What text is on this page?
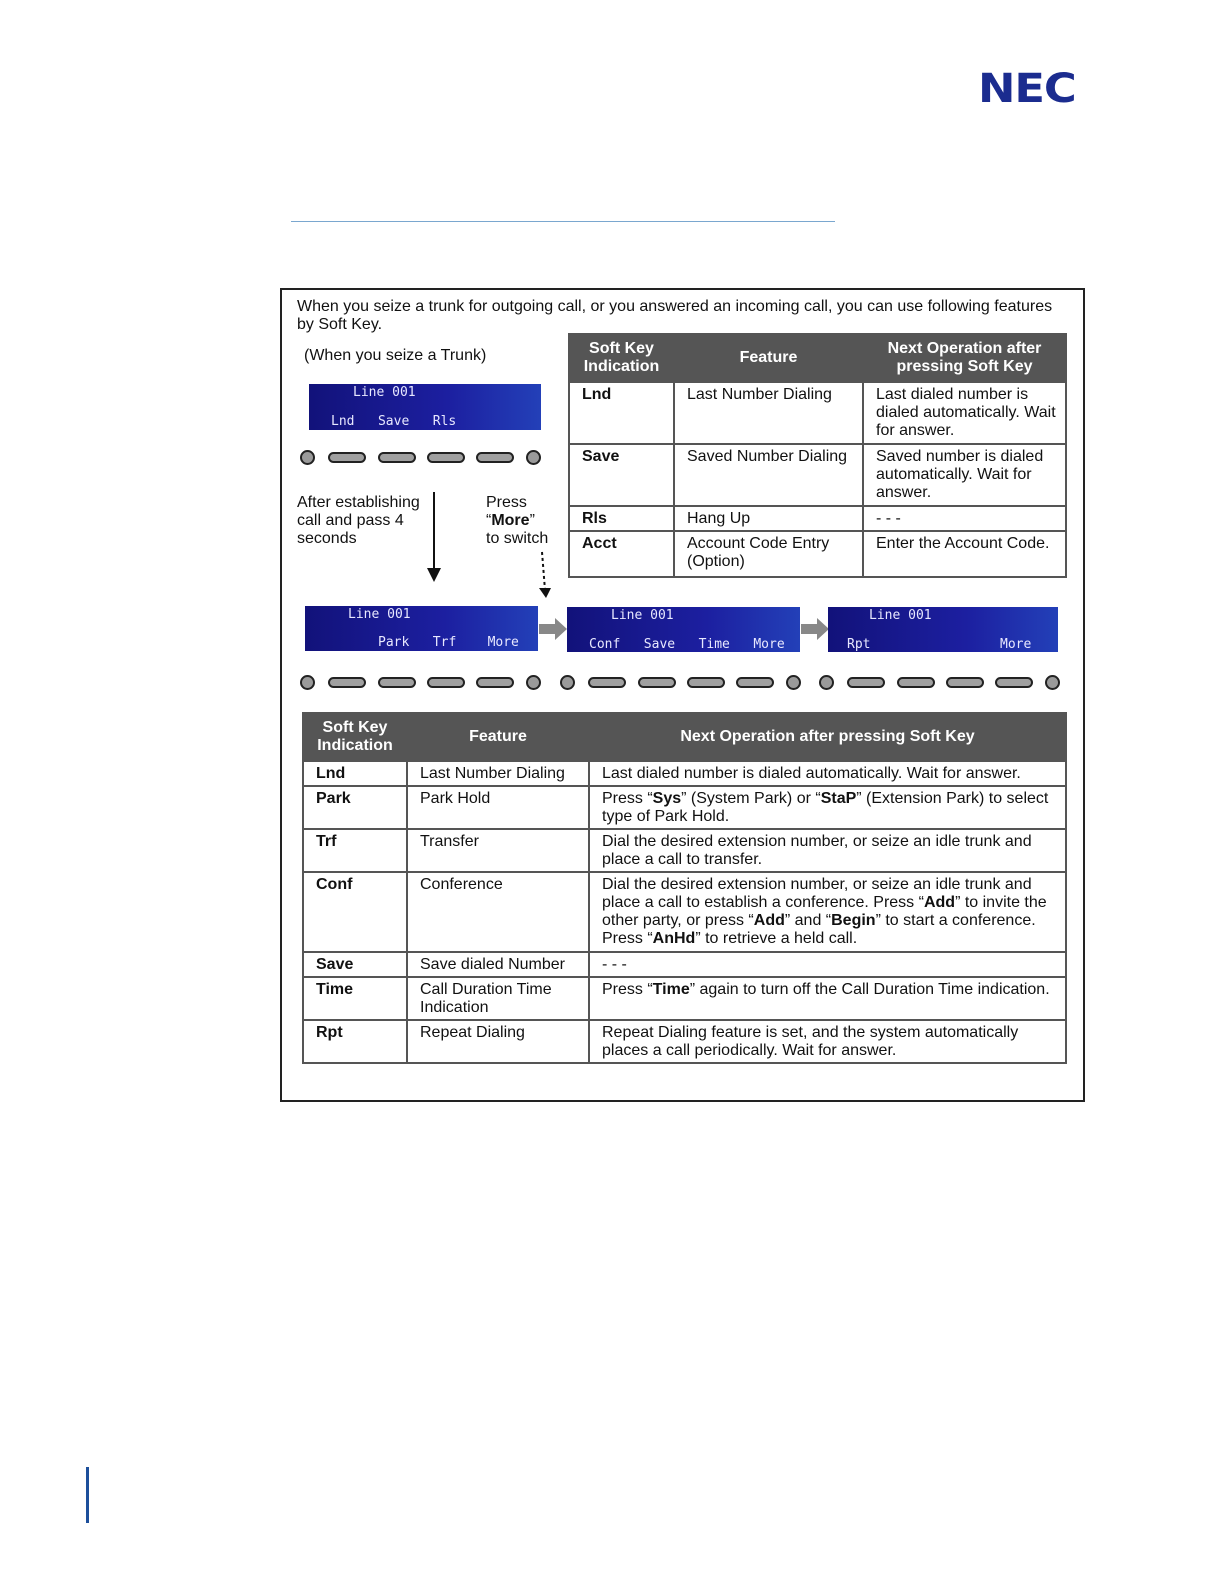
NEC
When you seize a trunk for outgoing call, or you answered an incoming call, you can use following features by Soft Key.
(When you seize a Trunk)
Line 001
Lnd   Save   Rls
After establishing call and pass 4 seconds
Press
“More”
to switch
Line 001
Park   Trf    More
Line 001
Conf   Save   Time   More
Line 001
Rpt	More
Soft Key Indication	Feature	Next Operation after pressing Soft Key
Lnd	Last Number Dialing	Last dialed number is dialed automatically. Wait for answer.
Save	Saved Number Dialing	Saved number is dialed automatically. Wait for answer.
Rls	Hang Up	- - -
Acct	Account Code Entry (Option)	Enter the Account Code.
Soft Key Indication	Feature	Next Operation after pressing Soft Key
Lnd	Last Number Dialing	Last dialed number is dialed automatically. Wait for answer.
Park	Park Hold	Press “Sys” (System Park) or “StaP” (Extension Park) to select type of Park Hold.
Trf	Transfer	Dial the desired extension number, or seize an idle trunk and place a call to transfer.
Conf	Conference	Dial the desired extension number, or seize an idle trunk and place a call to establish a conference. Press “Add” to invite the other party, or press “Add” and “Begin” to start a conference. Press “AnHd” to retrieve a held call.
Save	Save dialed Number	- - -
Time	Call Duration Time Indication	Press “Time” again to turn off the Call Duration Time indication.
Rpt	Repeat Dialing	Repeat Dialing feature is set, and the system automatically places a call periodically. Wait for answer.
